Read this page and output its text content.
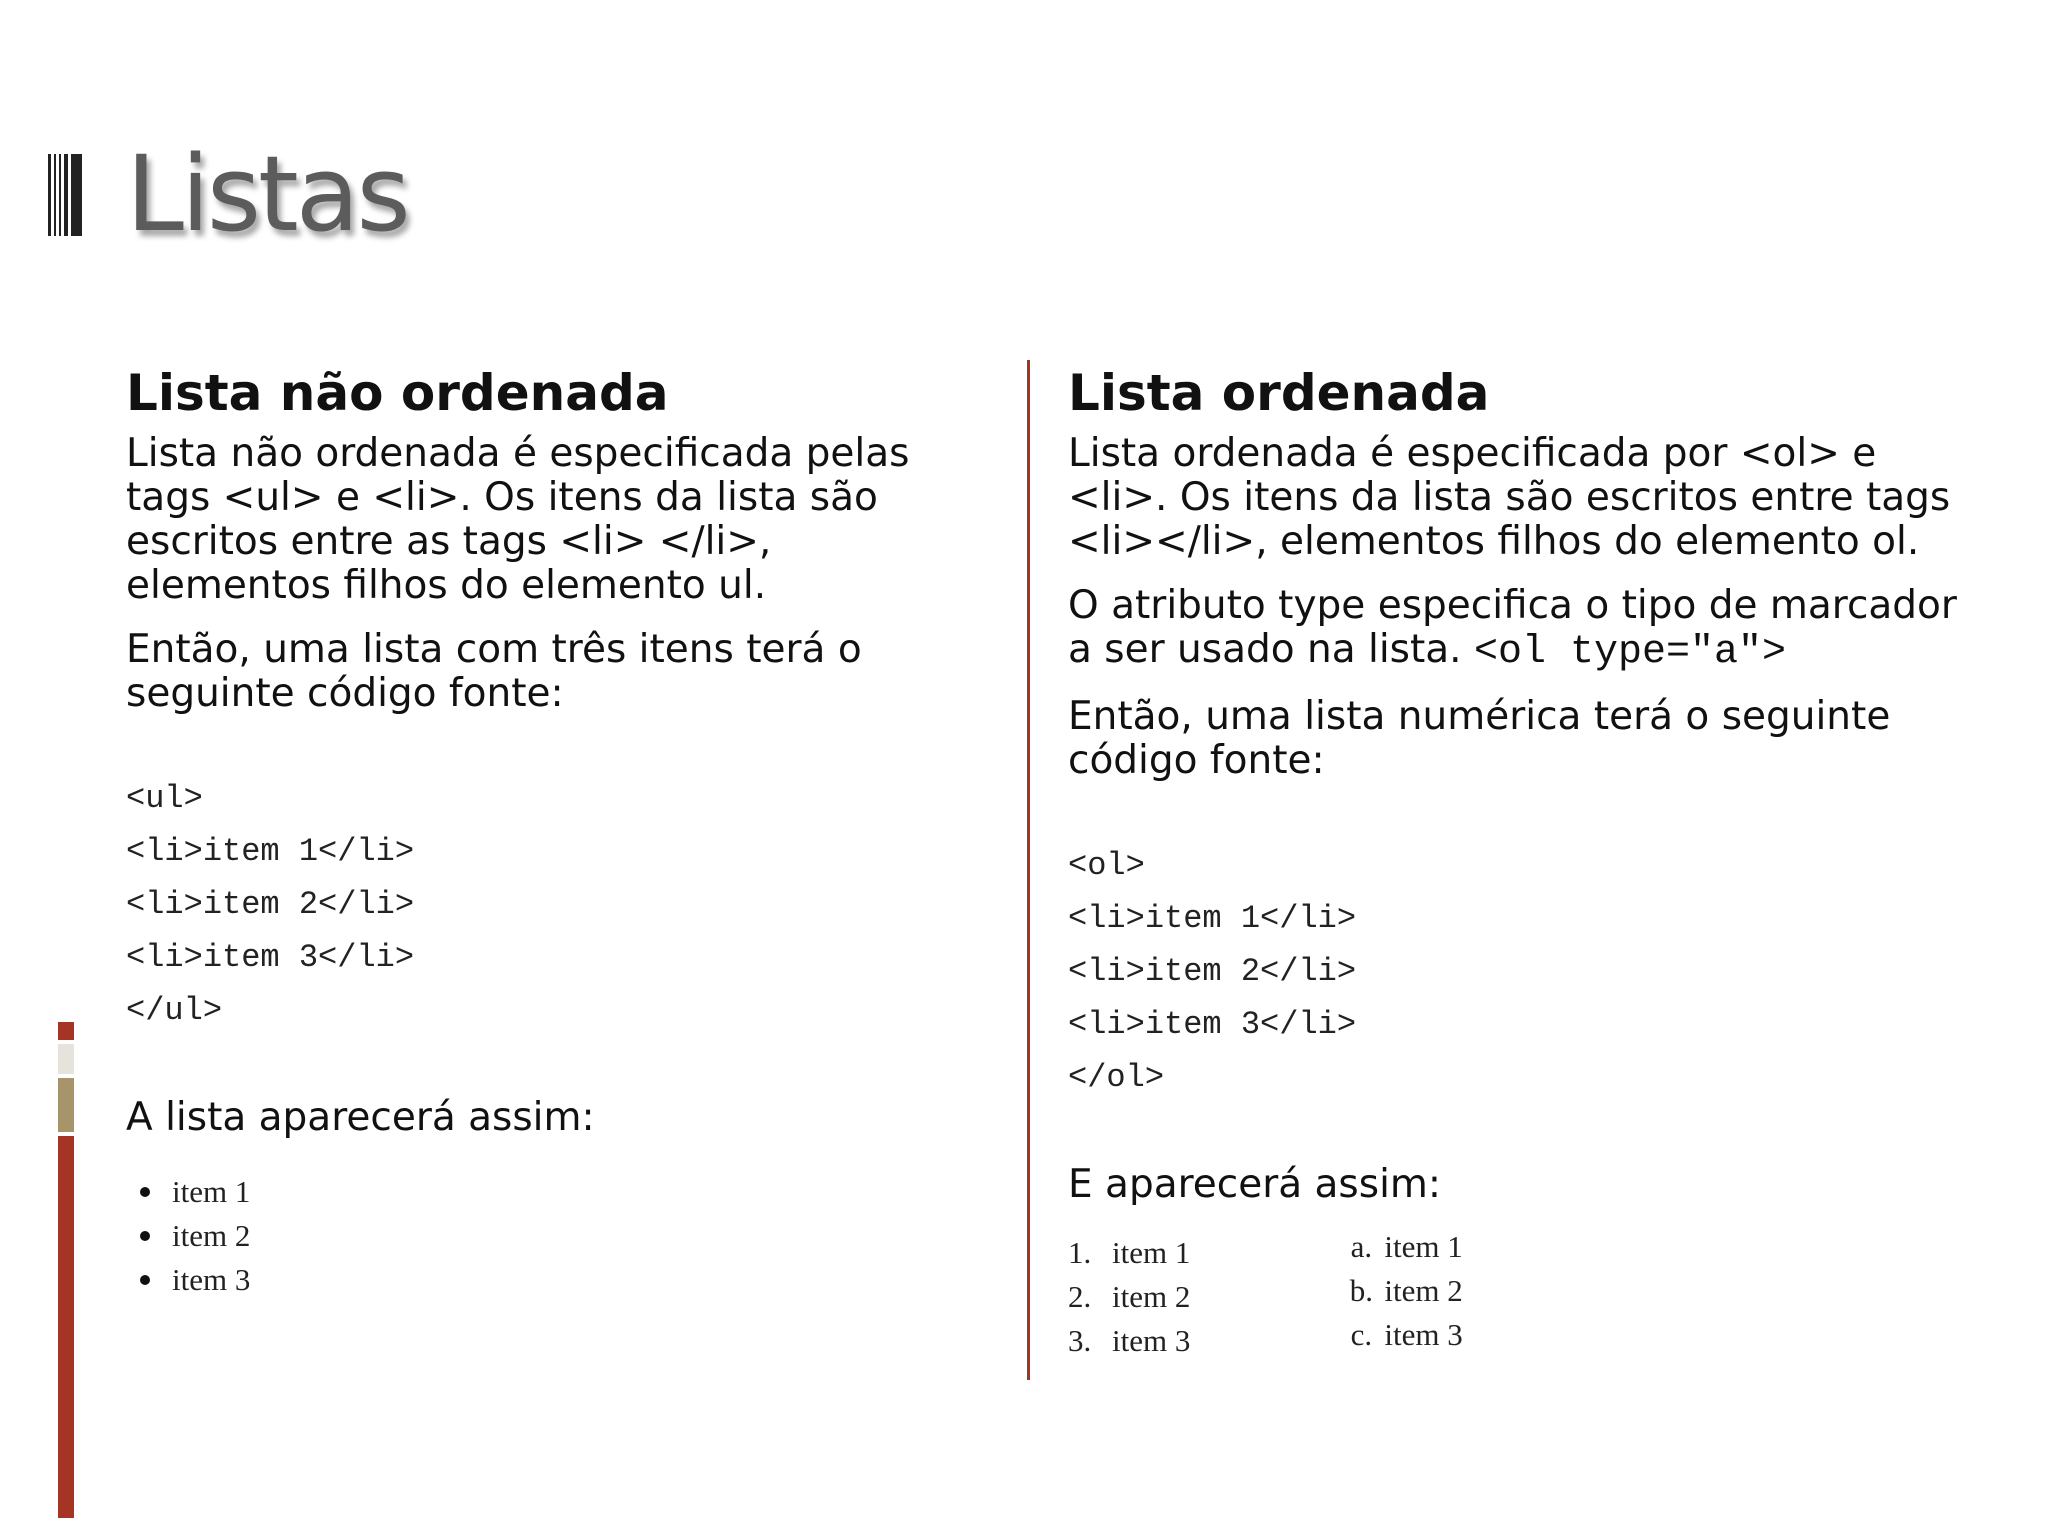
Listas
Lista não ordenada

Lista não ordenada é especificada pelas tags <ul> e <li>. Os itens da lista são escritos entre as tags <li> </li>, elementos filhos do elemento ul.

Então, uma lista com três itens terá o seguinte código fonte:

<ul>
<li>item 1</li>
<li>item 2</li>
<li>item 3</li>
</ul>
A lista aparecerá assim:
item 1
item 2
item 3
Lista ordenada

Lista ordenada é especificada por <ol> e <li>. Os itens da lista são escritos entre tags <li></li>, elementos filhos do elemento ol.

O atributo type especifica o tipo de marcador a ser usado na lista. <ol type="a">

Então, uma lista numérica terá o seguinte código fonte:

<ol>
<li>item 1</li>
<li>item 2</li>
<li>item 3</li>
</ol>
E aparecerá assim:
1. item 1
2. item 2
3. item 3
a. item 1
b. item 2
c. item 3
